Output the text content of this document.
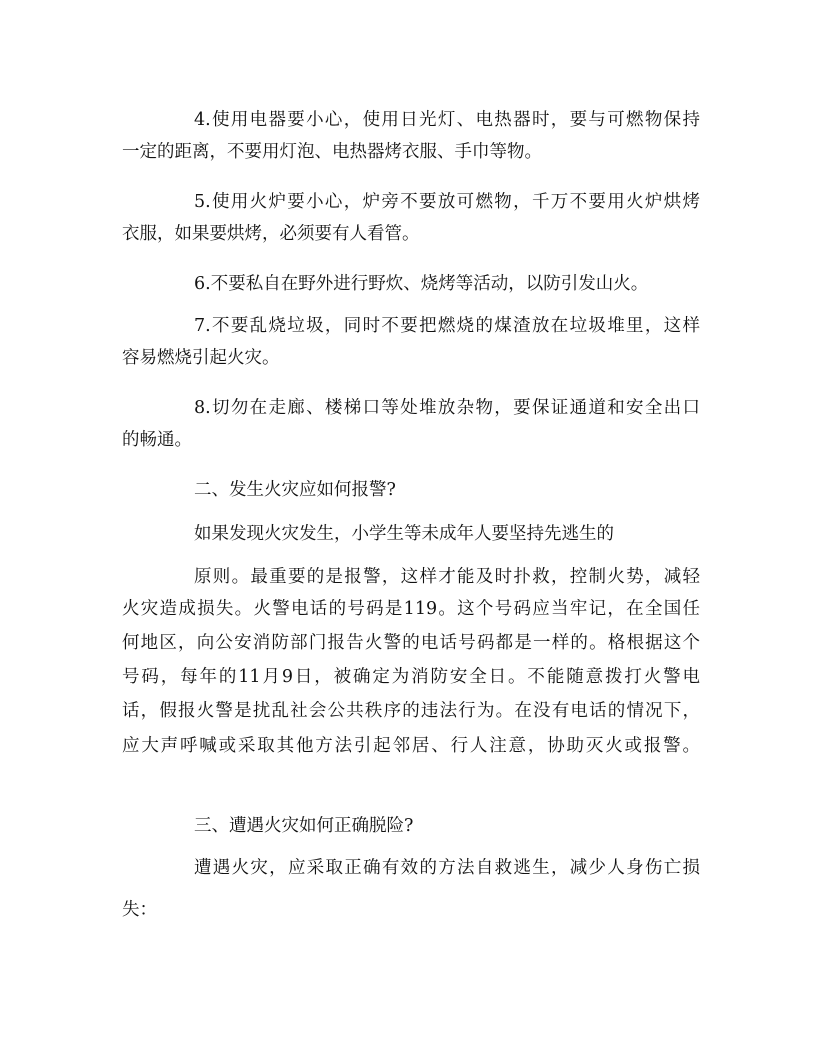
4.使用电器要小心，使用日光灯、电热器时，要与可燃物保持
一定的距离，不要用灯泡、电热器烤衣服、手巾等物。
5.使用火炉要小心，炉旁不要放可燃物，千万不要用火炉烘烤
衣服，如果要烘烤，必须要有人看管。
6.不要私自在野外进行野炊、烧烤等活动，以防引发山火。
7.不要乱烧垃圾，同时不要把燃烧的煤渣放在垃圾堆里，这样
容易燃烧引起火灾。
8.切勿在走廊、楼梯口等处堆放杂物，要保证通道和安全出口
的畅通。
二、发生火灾应如何报警?
如果发现火灾发生，小学生等未成年人要坚持先逃生的
原则。最重要的是报警，这样才能及时扑救，控制火势，减轻
火灾造成损失。火警电话的号码是119。这个号码应当牢记，在全国任
何地区，向公安消防部门报告火警的电话号码都是一样的。格根据这个
号码，每年的11月9日，被确定为消防安全日。不能随意拨打火警电
话，假报火警是扰乱社会公共秩序的违法行为。在没有电话的情况下，
应大声呼喊或采取其他方法引起邻居、行人注意，协助灭火或报警。
三、遭遇火灾如何正确脱险?
遭遇火灾，应采取正确有效的方法自救逃生，减少人身伤亡损
失：
